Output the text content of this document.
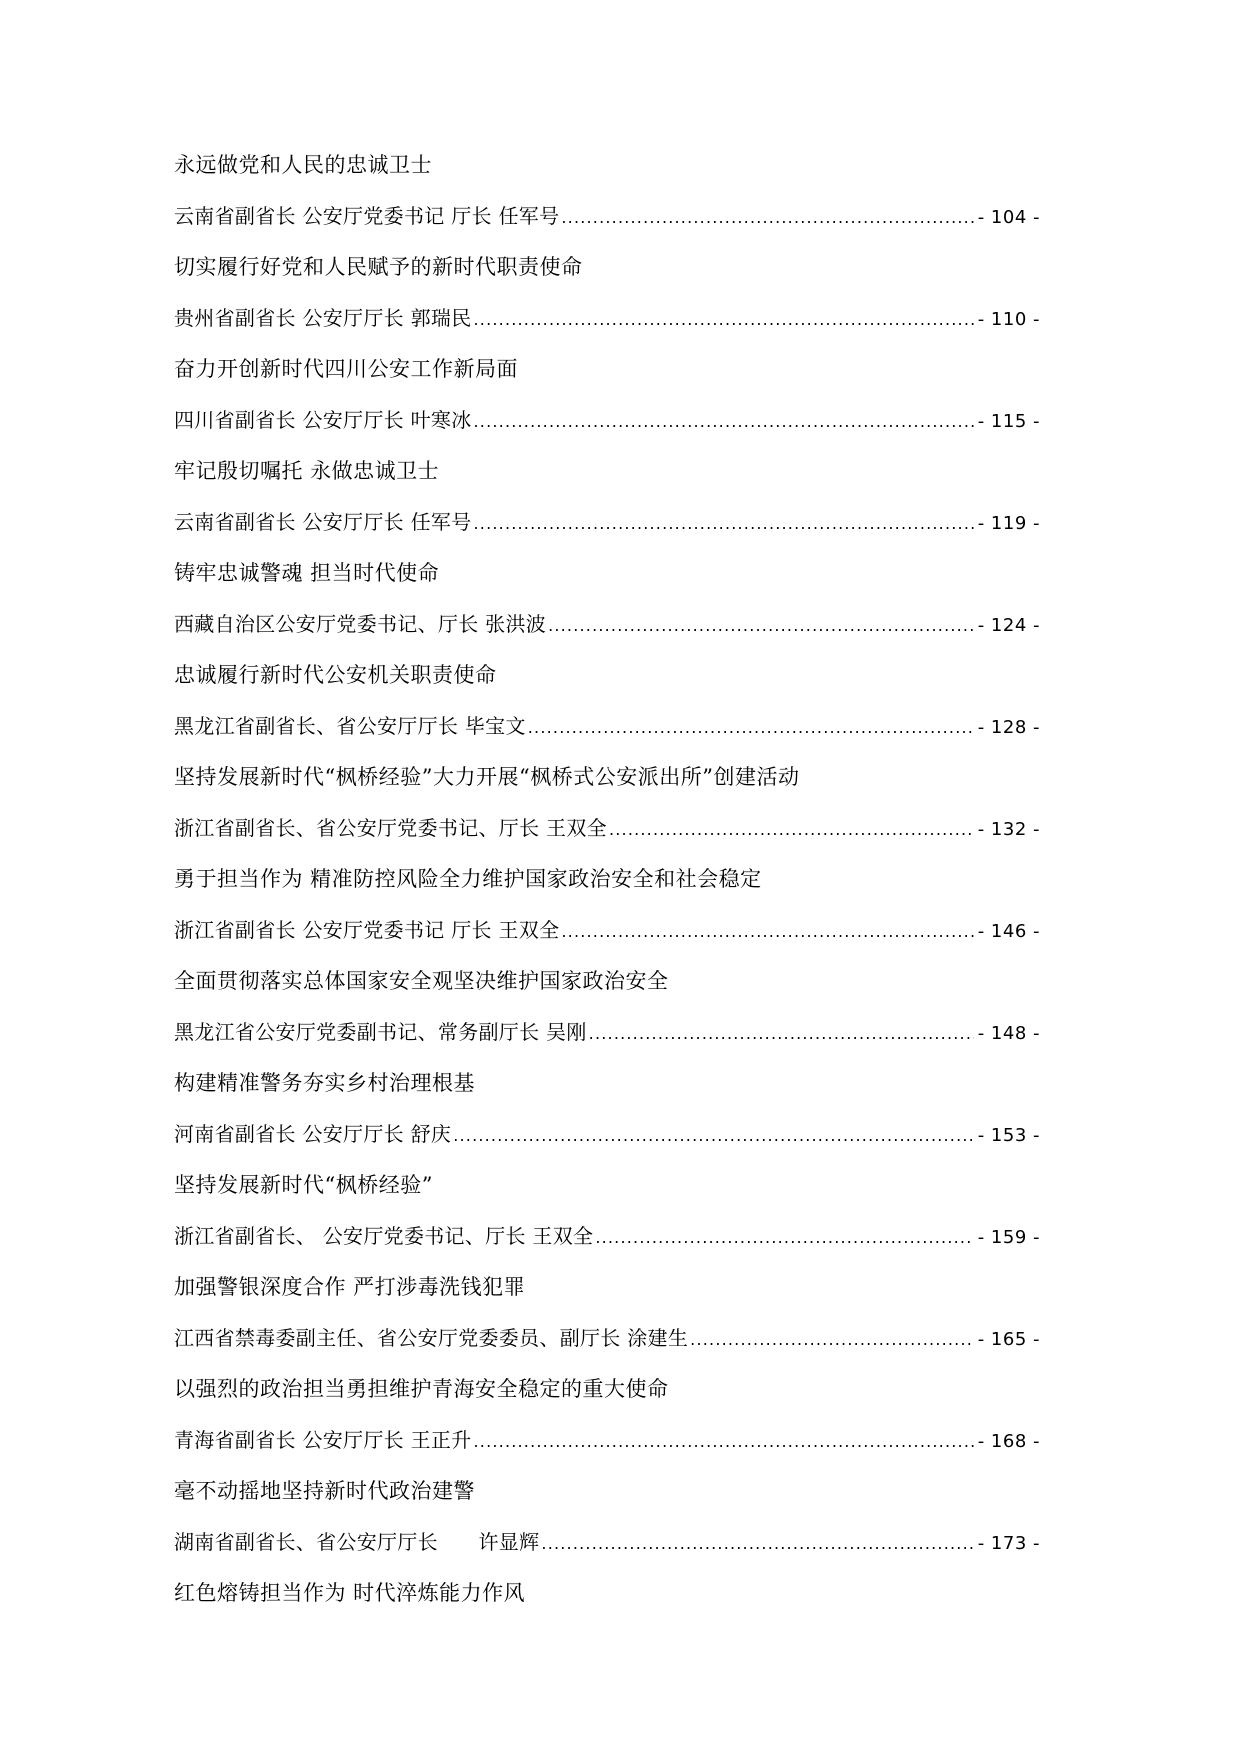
永远做党和人民的忠诚卫士
云南省副省长 公安厅党委书记 厅长 任军号 .....	- 104 -
切实履行好党和人民赋予的新时代职责使命
贵州省副省长 公安厅厅长 郭瑞民 .....	- 110 -
奋力开创新时代四川公安工作新局面
四川省副省长 公安厅厅长 叶寒冰 .....	- 115 -
牢记殷切嘱托 永做忠诚卫士
云南省副省长 公安厅厅长 任军号 .....	- 119 -
铸牢忠诚警魂 担当时代使命
西藏自治区公安厅党委书记、厅长 张洪波 .....	- 124 -
忠诚履行新时代公安机关职责使命
黑龙江省副省长、省公安厅厅长 毕宝文 .....	- 128 -
坚持发展新时代“枫桥经验”大力开展“枫桥式公安派出所”创建活动
浙江省副省长、省公安厅党委书记、厅长 王双全 .....	- 132 -
勇于担当作为 精准防控风险全力维护国家政治安全和社会稳定
浙江省副省长 公安厅党委书记 厅长 王双全 .....	- 146 -
全面贯彻落实总体国家安全观坚决维护国家政治安全
黑龙江省公安厅党委副书记、常务副厅长 吴刚 .....	- 148 -
构建精准警务夯实乡村治理根基
河南省副省长 公安厅厅长 舒庆 .....	- 153 -
坚持发展新时代“枫桥经验”
浙江省副省长、 公安厅党委书记、厅长 王双全 .....	- 159 -
加强警银深度合作 严打涉毒洗钱犯罪
江西省禁毒委副主任、省公安厅党委委员、副厅长 涂建生 .....	- 165 -
以强烈的政治担当勇担维护青海安全稳定的重大使命
青海省副省长 公安厅厅长 王正升 .....	- 168 -
毫不动摇地坚持新时代政治建警
湖南省副省长、省公安厅厅长　　许显辉 .....	- 173 -
红色熔铸担当作为 时代淬炼能力作风
